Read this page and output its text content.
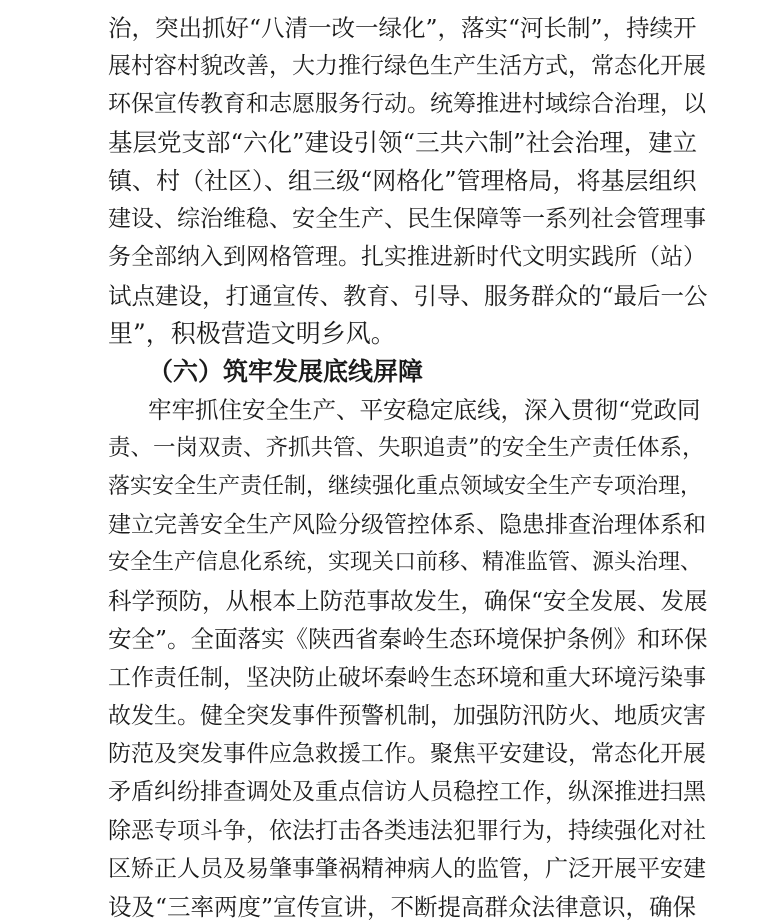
治，突出抓好“八清一改一绿化”，落实“河长制”，持续开
展村容村貌改善，大力推行绿色生产生活方式，常态化开展
环保宣传教育和志愿服务行动。统筹推进村域综合治理，以
基层党支部“六化”建设引领“三共六制”社会治理，建立
镇、村（社区）、组三级“网格化”管理格局，将基层组织
建设、综治维稳、安全生产、民生保障等一系列社会管理事
务全部纳入到网格管理。扎实推进新时代文明实践所（站）
试点建设，打通宣传、教育、引导、服务群众的“最后一公
里”，积极营造文明乡风。
（六）筑牢发展底线屏障
牢牢抓住安全生产、平安稳定底线，深入贯彻“党政同
责、一岗双责、齐抓共管、失职追责”的安全生产责任体系，
落实安全生产责任制，继续强化重点领域安全生产专项治理，
建立完善安全生产风险分级管控体系、隐患排查治理体系和
安全生产信息化系统，实现关口前移、精准监管、源头治理、
科学预防，从根本上防范事故发生，确保“安全发展、发展
安全”。全面落实《陕西省秦岭生态环境保护条例》和环保
工作责任制，坚决防止破坏秦岭生态环境和重大环境污染事
故发生。健全突发事件预警机制，加强防汛防火、地质灾害
防范及突发事件应急救援工作。聚焦平安建设，常态化开展
矛盾纠纷排查调处及重点信访人员稳控工作，纵深推进扫黑
除恶专项斗争，依法打击各类违法犯罪行为，持续强化对社
区矫正人员及易肇事肇祸精神病人的监管，广泛开展平安建
设及“三率两度”宣传宣讲，不断提高群众法律意识，确保
